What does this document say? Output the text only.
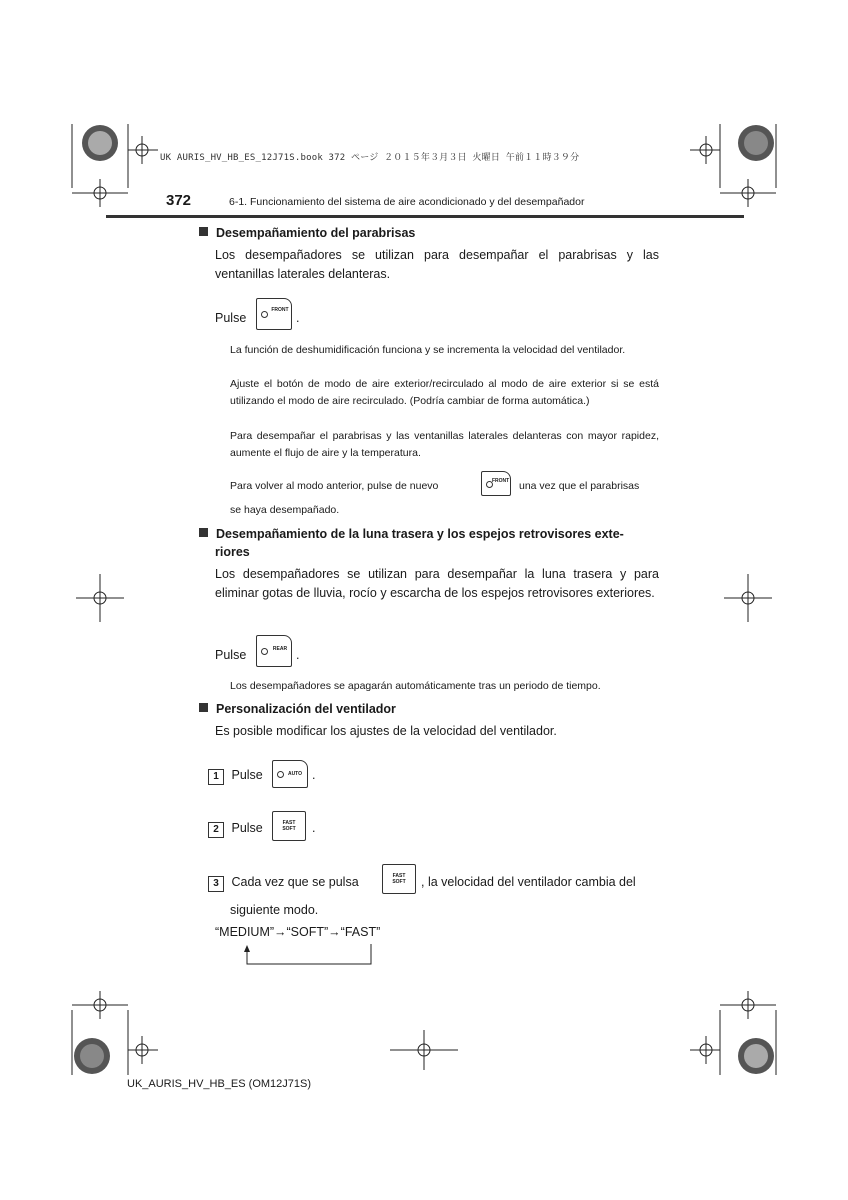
UK AURIS_HV_HB_ES_12J71S.book 372 ページ ２０１５年３月３日 火曜日 午前１１時３９分
372	6-1. Funcionamiento del sistema de aire acondicionado y del desempañador
Desempañamiento del parabrisas
Los desempañadores se utilizan para desempañar el parabrisas y las ventanillas laterales delanteras.
Pulse
FRONT
.
La función de deshumidificación funciona y se incrementa la velocidad del ventilador.
Ajuste el botón de modo de aire exterior/recirculado al modo de aire exterior si se está utilizando el modo de aire recirculado. (Podría cambiar de forma automática.)
Para desempañar el parabrisas y las ventanillas laterales delanteras con mayor rapidez, aumente el flujo de aire y la temperatura.
Para volver al modo anterior, pulse de nuevo	FRONT una vez que el parabrisas
se haya desempañado.
Desempañamiento de la luna trasera y los espejos retrovisores exte-
riores
Los desempañadores se utilizan para desempañar la luna trasera y para eliminar gotas de lluvia, rocío y escarcha de los espejos retrovisores exteriores.
Pulse	REAR .
Los desempañadores se apagarán automáticamente tras un periodo de tiempo.
Personalización del ventilador
Es posible modificar los ajustes de la velocidad del ventilador.
1 Pulse	AUTO .
2 Pulse	FAST SOFT .
3 Cada vez que se pulsa	FAST SOFT , la velocidad del ventilador cambia del
siguiente modo.
“MEDIUM”→“SOFT”→“FAST”
UK_AURIS_HV_HB_ES (OM12J71S)
